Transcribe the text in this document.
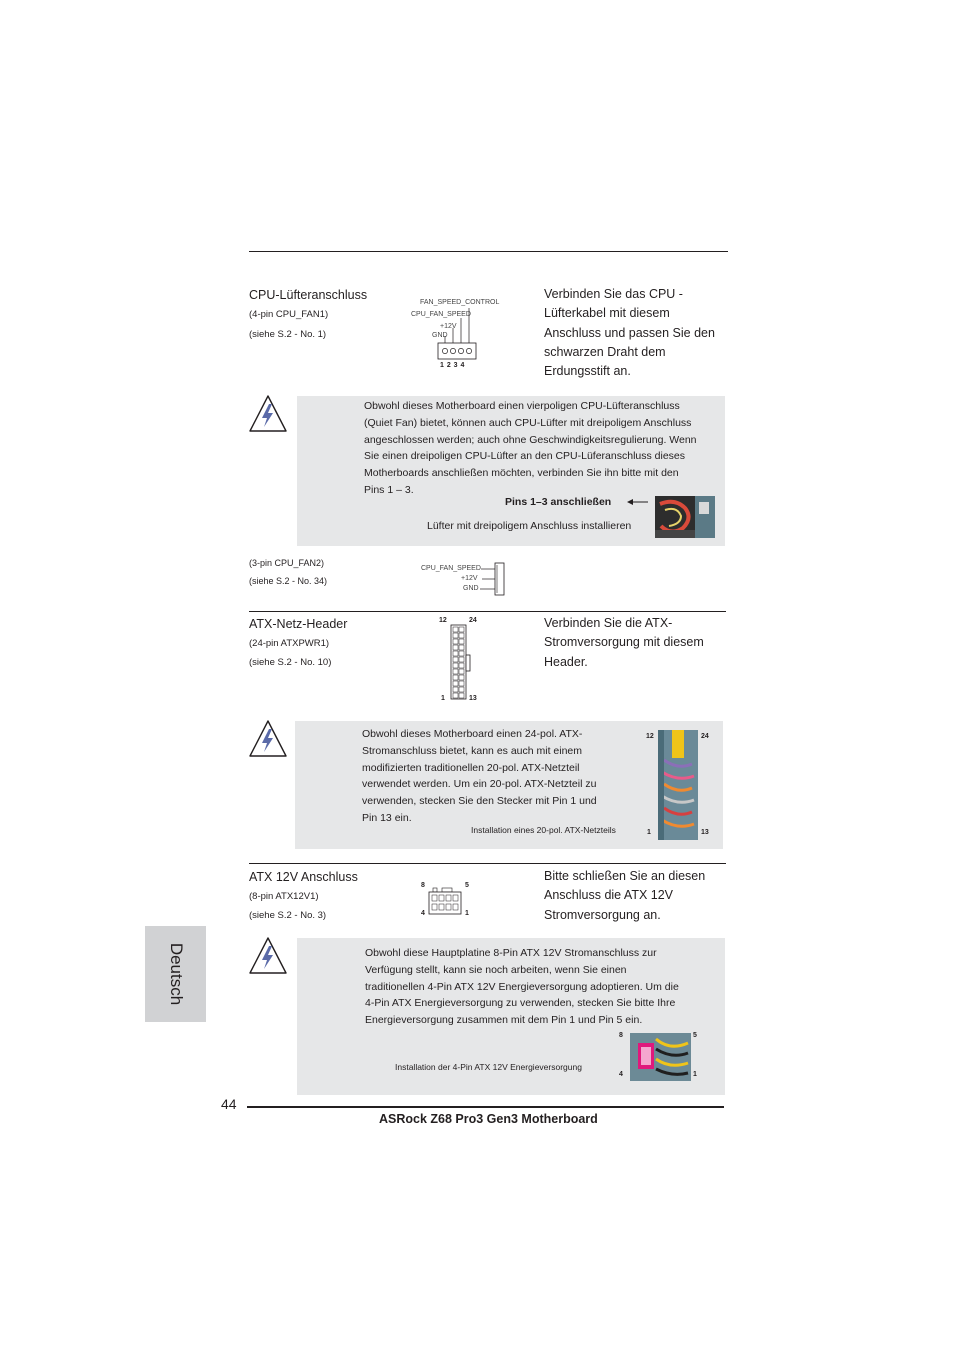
CPU-Lüfteranschluss
(4-pin CPU_FAN1)
(siehe S.2 - No. 1)
FAN_SPEED_CONTROL
CPU_FAN_SPEED
+12V
GND
1 2 3 4
Verbinden Sie das CPU -
Lüfterkabel mit diesem
Anschluss und passen Sie den
schwarzen Draht dem
Erdungsstift an.
Obwohl dieses Motherboard einen vierpoligen CPU-Lüfteranschluss
(Quiet Fan) bietet, können auch CPU-Lüfter mit dreipoligem Anschluss
angeschlossen werden; auch ohne Geschwindigkeitsregulierung. Wenn
Sie einen dreipoligen CPU-Lüfter an den CPU-Lüferanschluss dieses
Motherboards anschließen möchten, verbinden Sie ihn bitte mit den
Pins 1 – 3.
Pins 1–3 anschließen
Lüfter mit dreipoligem Anschluss installieren
(3-pin CPU_FAN2)
(siehe S.2 - No. 34)
CPU_FAN_SPEED
+12V
GND
ATX-Netz-Header
(24-pin ATXPWR1)
(siehe S.2 - No. 10)
12	24
1	13
Verbinden Sie die ATX-
Stromversorgung mit diesem
Header.
Obwohl dieses Motherboard einen 24-pol. ATX-
Stromanschluss bietet, kann es auch mit einem
modifizierten traditionellen 20-pol. ATX-Netzteil
verwendet werden. Um ein 20-pol. ATX-Netzteil zu
verwenden, stecken Sie den Stecker mit Pin 1 und
Pin 13 ein.
Installation eines 20-pol. ATX-Netzteils
12	24
1	13
ATX 12V Anschluss
(8-pin ATX12V1)
(siehe S.2 - No. 3)
8	5
4	1
Bitte schließen Sie an diesen
Anschluss die ATX 12V
Stromversorgung an.
Obwohl diese Hauptplatine 8-Pin ATX 12V Stromanschluss zur
Verfügung stellt, kann sie noch arbeiten, wenn Sie einen
traditionellen 4-Pin ATX 12V Energieversorgung adoptieren. Um die
4-Pin ATX Energieversorgung zu verwenden, stecken Sie bitte Ihre
Energieversorgung zusammen mit dem Pin 1 und Pin 5 ein.
Installation der 4-Pin ATX 12V Energieversorgung
8	5
4	1
Deutsch
44
ASRock Z68 Pro3 Gen3 Motherboard
